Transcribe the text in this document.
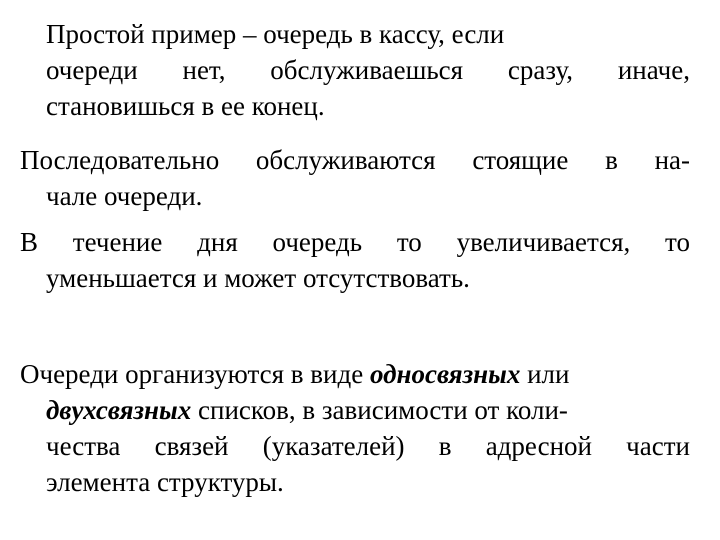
Простой пример – очередь в кассу, если
очереди нет, обслуживаешься сразу, иначе,
становишься в ее конец.
Последовательно обслуживаются стоящие в на-
чале очереди.
В течение дня очередь то увеличивается, то
уменьшается и может отсутствовать.
Очереди организуются в виде односвязных или
двухсвязных списков, в зависимости от коли-
чества связей (указателей) в адресной части
элемента структуры.
